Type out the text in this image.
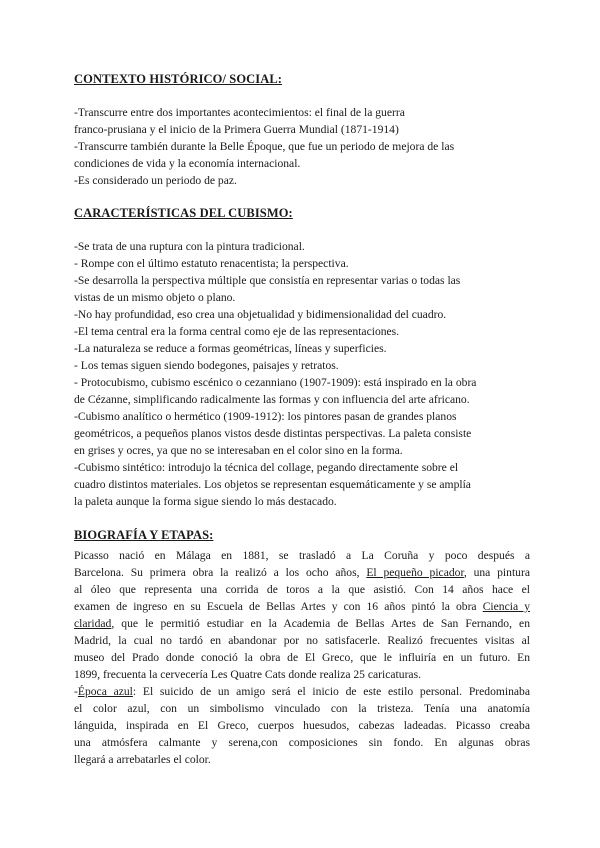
CONTEXTO HISTÓRICO/ SOCIAL:
-Transcurre entre dos importantes acontecimientos: el final de la guerra
franco-prusiana y el inicio de la Primera Guerra Mundial (1871-1914)
-Transcurre también durante la Belle Époque, que fue un periodo de mejora de las
condiciones de vida y la economía internacional.
-Es considerado un periodo de paz.
CARACTERÍSTICAS DEL CUBISMO:
-Se trata de una ruptura con la pintura tradicional.
- Rompe con el último estatuto renacentista; la perspectiva.
-Se desarrolla la perspectiva múltiple que consistía en representar varias o todas las
vistas de un mismo objeto o plano.
-No hay profundidad, eso crea una objetualidad y bidimensionalidad del cuadro.
-El tema central era la forma central como eje de las representaciones.
-La naturaleza se reduce a formas geométricas, líneas y superficies.
- Los temas siguen siendo bodegones, paisajes y retratos.
- Protocubismo, cubismo escénico o cezanniano (1907-1909): está inspirado en la obra
de Cézanne, simplificando radicalmente las formas y con influencia del arte africano.
-Cubismo analítico o hermético (1909-1912): los pintores pasan de grandes planos
geométricos, a pequeños planos vistos desde distintas perspectivas. La paleta consiste
en grises y ocres, ya que no se interesaban en el color sino en la forma.
-Cubismo sintético: introdujo la técnica del collage, pegando directamente sobre el
cuadro distintos materiales. Los objetos se representan esquemáticamente y se amplía
la paleta aunque la forma sigue siendo lo más destacado.
BIOGRAFÍA Y ETAPAS:
Picasso nació en Málaga en 1881, se trasladó a La Coruña y poco después a
Barcelona. Su primera obra la realizó a los ocho años, El pequeño picador, una pintura
al óleo que representa una corrida de toros a la que asistió. Con 14 años hace el
examen de ingreso en su Escuela de Bellas Artes y con 16 años pintó la obra Ciencia y
claridad, que le permitió estudiar en la Academia de Bellas Artes de San Fernando, en
Madrid, la cual no tardó en abandonar por no satisfacerle. Realizó frecuentes visitas al
museo del Prado donde conoció la obra de El Greco, que le influiría en un futuro. En
1899, frecuenta la cervecería Les Quatre Cats donde realiza 25 caricaturas.
-Época azul: El suicido de un amigo será el inicio de este estilo personal. Predominaba
el color azul, con un simbolismo vinculado con la tristeza. Tenía una anatomía
lánguida, inspirada en El Greco, cuerpos huesudos, cabezas ladeadas. Picasso creaba
una atmósfera calmante y serena,con composiciones sin fondo. En algunas obras
llegará a arrebatarles el color.
